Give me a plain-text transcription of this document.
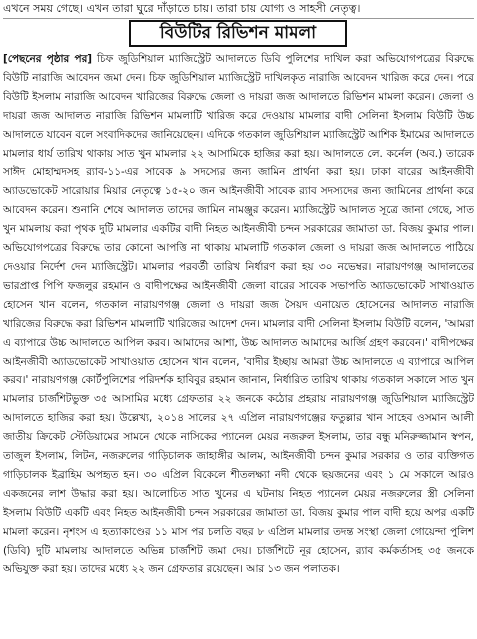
এখনে সময় গেছে। এখন তারা ঘুরে দাঁড়াতে চায়। তারা চায় যোগ্য ও সাহসী নেতৃত্ব।
বিউটির রিভিশন মামলা

[পেছনের পৃষ্ঠার পর] চিফ জুডিশিয়াল ম্যাজিস্ট্রেট আদালতে ডিবি পুলিশের দাখিল করা অভিযোগপত্রের বিরুদ্ধে বিউটি নারাজি আবেদন জমা দেন। চিফ জুডিশিয়াল ম্যাজিস্ট্রেট দাখিলকৃত নারাজি আবেদন খারিজ করে দেন। পরে বিউটি ইসলাম নারাজি আবেদন খারিজের বিরুদ্ধে জেলা ও দায়রা জজ আদালতে রিভিশন মামলা করেন। জেলা ও দায়রা জজ আদালত নারাজি রিভিশন মামলাটি খারিজ করে দেওয়ায় মামলার বাদী সেলিনা ইসলাম বিউটি উচ্চ আদালতে যাবেন বলে সংবাদিকদের জানিয়েছেন। এদিকে গতকাল জুডিশিয়াল ম্যাজিস্ট্রেট আশিক ইমামের আদালতে মামলার ধার্য তারিখ থাকায় সাত খুন মামলার ২২ আসামিকে হাজির করা হয়। আদালতে লে. কর্নেল (অব.) তারেক সাঈদ মোহাম্মদসহ র‍্যাব-১১-এর সাবেক ৯ সদস্যের জন্য জামিন প্রার্থনা করা হয়। ঢাকা বারের আইনজীবী অ্যাডভোকেট সারোয়ার মিয়ার নেতৃত্বে ১৫-২০ জন আইনজীবী সাবেক র‍্যাব সদস্যদের জন্য জামিনের প্রার্থনা করে আবেদন করেন। শুনানি শেষে আদালত তাদের জামিন নামঞ্জুর করেন। ম্যাজিস্ট্রেট আদালত সূত্রে জানা গেছে, সাত খুন মামলায় করা পৃথক দুটি মামলার একটির বাদী নিহত আইনজীবী চন্দন সরকারের জামাতা ডা. বিজয় কুমার পাল। অভিযোগপত্রের বিরুদ্ধে তার কোনো আপত্তি না থাকায় মামলাটি গতকাল জেলা ও দায়রা জজ আদালতে পাঠিয়ে দেওয়ার নির্দেশ দেন ম্যাজিস্ট্রেট। মামলার পরবর্তী তারিখ নির্ধারণ করা হয় ৩০ নভেম্বর। নারায়ণগঞ্জ আদালতের ভারপ্রাপ্ত পিপি ফজলুর রহমান ও বাদীপক্ষের আইনজীবী জেলা বারের সাবেক সভাপতি অ্যাডভোকেট সাখাওয়াত হোসেন খান বলেন, গতকাল নারায়ণগঞ্জ জেলা ও দায়রা জজ সৈয়দ এনায়েত হোসেনের আদালত নারাজি খারিজের বিরুদ্ধে করা রিভিশন মামলাটি খারিজের আদেশ দেন। মামলার বাদী সেলিনা ইসলাম বিউটি বলেন, 'আমরা এ ব্যাপারে উচ্চ আদালতে আপিল করব। আমাদের আশা, উচ্চ আদালত আমাদের আর্জি গ্রহণ করবেন।' বাদীপক্ষের আইনজীবী অ্যাডভোকেট সাখাওয়াত হোসেন খান বলেন, 'বাদীর ইচ্ছায় আমরা উচ্চ আদালতে এ ব্যাপারে আপিল করব।' নারায়ণগঞ্জ কোর্টপুলিশের পরিদর্শক হাবিবুর রহমান জানান, নির্ধারিত তারিখ থাকায় গতকাল সকালে সাত খুন মামলার চার্জশিটভুক্ত ৩৫ আসামির মধ্যে গ্রেফতার ২২ জনকে কঠোর প্রহরায় নারায়ণগঞ্জ জুডিশিয়াল ম্যাজিস্ট্রেট আদালতে হাজির করা হয়। উল্লেখ্য, ২০১৪ সালের ২৭ এপ্রিল নারায়ণগঞ্জের ফতুল্লার খান সাহেব ওসমান আলী জাতীয় ক্রিকেট স্টেডিয়ামের সামনে থেকে নাসিকের প্যানেল মেয়র নজরুল ইসলাম, তার বন্ধু মনিরুজ্জামান স্বপন, তাজুল ইসলাম, লিটন, নজরুলের গাড়িচালক জাহাঙ্গীর আলম, আইনজীবী চন্দন কুমার সরকার ও তার ব্যক্তিগত গাড়িচালক ইব্রাহিম অপহৃত হন। ৩০ এপ্রিল বিকেলে শীতলক্ষ্যা নদী থেকে ছয়জনের এবং ১ মে সকালে আরও একজনের লাশ উদ্ধার করা হয়। আলোচিত সাত খুনের এ ঘটনায় নিহত প্যানেল মেয়র নজরুলের স্ত্রী সেলিনা ইসলাম বিউটি একটি এবং নিহত আইনজীবী চন্দন সরকারের জামাতা ডা. বিজয় কুমার পাল বাদী হয়ে অপর একটি মামলা করেন। নৃশংস এ হত্যাকাণ্ডের ১১ মাস পর চলতি বছর ৮ এপ্রিল মামলার তদন্ত সংস্থা জেলা গোয়েন্দা পুলিশ (ডিবি) দুটি মামলায় আদালতে অভিন্ন চার্জশিট জমা দেয়। চার্জশিটে নূর হোসেন, র‍্যাব কর্মকর্তাসহ ৩৫ জনকে অভিযুক্ত করা হয়। তাদের মধ্যে ২২ জন গ্রেফতার রয়েছেন। আর ১৩ জন পলাতক।
